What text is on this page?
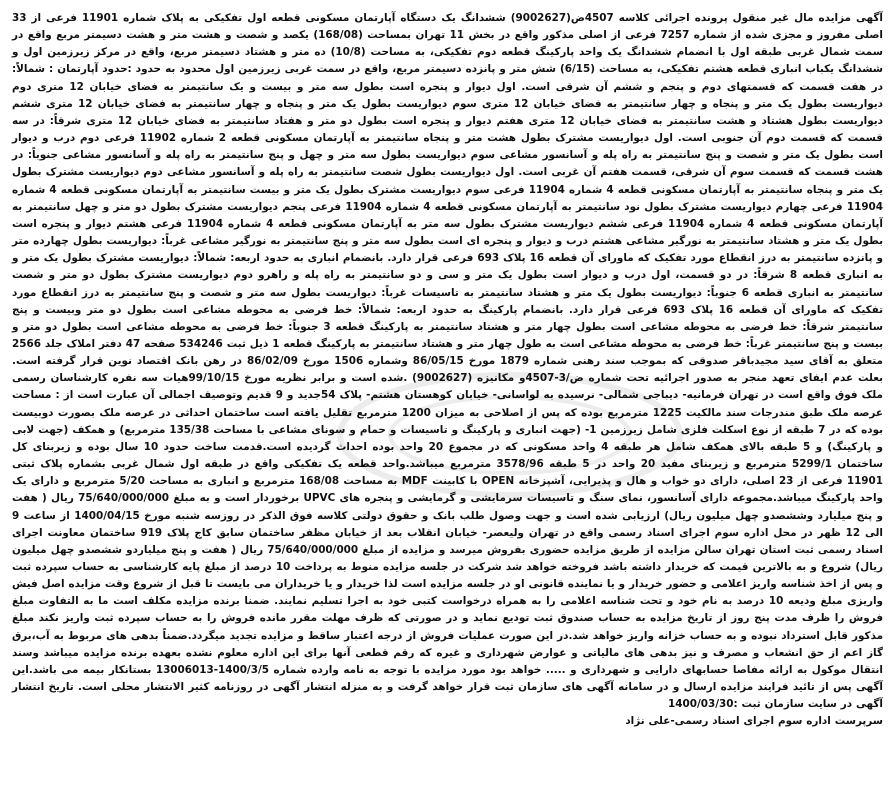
آگهی مزایده مال غیر منقول پرونده اجرائی کلاسه 4507ض(9002627) ششدانگ یک دستگاه آپارتمان مسکونی قطعه اول تفکیکی به پلاک شماره 11901 فرعی از 33 اصلی مفروز و مجزی شده از شماره 7257 فرعی از اصلی مذکور واقع در بخش 11 تهران بمساحت (168/08) یکصد و شصت و هشت متر و هشت دسیمتر مربع واقع در سمت شمال غربی طبقه اول با انضمام ششدانگ یک واحد پارکینگ قطعه دوم تفکیکی، به مساحت (10/8) ده متر و هشتاد دسیمتر مربع، واقع در مرکز زیرزمین اول و ششدانگ یکباب انباری قطعه هشتم تفکیکی، به مساحت (6/15) شش متر و پانزده دسیمتر مربع، واقع در سمت غربی زیرزمین اول محدود به حدود :حدود آپارتمان : شمالاً: در هفت قسمت که قسمتهای دوم و پنجم و ششم آن شرقی است. اول دیوار و پنجره است بطول سه متر و بیست و یک سانتیمتر به فضای خیابان 12 متری دوم دیواریست بطول یک متر و پنجاه و چهار سانتیمتر به فضای خیابان 12 متری سوم دیواریست بطول یک متر و پنجاه و چهار سانتیمتر به فضای خیابان 12 متری ششم دیواریست بطول هشتاد و هشت سانتیمتر به فضای خیابان 12 متری هفتم دیوار و پنجره است بطول دو متر و هفتاد سانتیمتر به فضای خیابان 12 متری شرقاً: در سه قسمت که قسمت دوم آن جنوبی است. اول دیواریست مشترک بطول هشت متر و پنجاه سانتیمتر به آپارتمان مسکونی قطعه 2 شماره 11902 فرعی دوم درب و دیوار است بطول یک متر و شصت و پنج سانتیمتر به راه پله و آسانسور مشاعی سوم دیواریست بطول سه متر و چهل و پنج سانتیمتر به راه پله و آسانسور مشاعی جنوباً: در هشت قسمت که قسمت سوم آن شرقی، قسمت هفتم آن غربی است. اول دیواریست بطول شصت سانتیمتر به راه پله و آسانسور مشاعی دوم دیواریست مشترک بطول یک متر و پنجاه سانتیمتر به آپارتمان مسکونی قطعه 4 شماره 11904 فرعی سوم دیواریست مشترک بطول یک متر و بیست سانتیمتر به آپارتمان مسکونی قطعه 4 شماره 11904 فرعی چهارم دیواریست مشترک بطول نود سانتیمتر به آپارتمان مسکونی قطعه 4 شماره 11904 فرعی پنجم دیواریست مشترک بطول دو متر و چهل سانتیمتر به آپارتمان مسکونی قطعه 4 شماره 11904 فرعی ششم دیواریست مشترک بطول سه متر به آپارتمان مسکونی قطعه 4 شماره 11904 فرعی هشتم دیوار و پنجره است بطول یک متر و هشتاد سانتیمتر به نورگیر مشاعی هشتم درب و دیوار و پنجره ای است بطول سه متر و پنج سانتیمتر به نورگیر مشاعی غرباً: دیواریست بطول چهارده متر و پانزده سانتیمتر به درز انقطاع مورد تفکیک که ماورای آن قطعه 16 پلاک 693 فرعی قرار دارد. بانضمام انباری به حدود اربعه: شمالاً: دیواریست مشترک بطول یک متر و به انباری قطعه 8 شرقاً: در دو قسمت، اول درب و دیوار است بطول یک متر و سی و دو سانتیمتر به راه پله و راهرو دوم دیواریست مشترک بطول دو متر و شصت سانتیمتر به انباری قطعه 6 جنوباً: دیواریست بطول یک متر و هشتاد سانتیمتر به تاسیسات غرباً: دیواریست بطول سه متر و شصت و پنج سانتیمتر به درز انقطاع مورد تفکیک که ماورای آن قطعه 16 پلاک 693 فرعی قرار دارد. بانضمام پارکینگ به حدود اربعه: شمالاً: خط فرضی به محوطه مشاعی است بطول دو متر وبیست و پنج سانتیمتر شرقاً: خط فرضی به محوطه مشاعی است بطول چهار متر و هشتاد سانتیمتر به پارکینگ قطعه 3 جنوباً: خط فرضی به محوطه مشاعی است بطول دو متر و بیست و پنج سانتیمتر غرباً: خط فرضی به محوطه مشاعی است به طول چهار متر و هشتاد سانتیمتر به پارکینگ قطعه 1 ذیل ثبت 534246 صفحه 47 دفتر املاک جلد 2566 متعلق به آقای سید مجیدباقر صدوقی که بموجب سند رهنی شماره 1879 مورخ 86/05/15 وشماره 1506 مورخ 86/02/09 در رهن بانک اقتصاد نوین قرار گرفته است. بعلت عدم ایفای تعهد منجر به صدور اجرائیه تحت شماره ض/3-4507و مکانیزه (9002627) .شده است و برابر نظریه مورخ 99/10/15هیات سه نفره کارشناسان رسمی ملک فوق واقع است در تهران فرمانیه- دیباجی شمالی- نرسیده به لواسانی- خیابان کوهستان هشتم- پلاک 54جدید و 9 قدیم وتوصیف اجمالی آن عبارت است از : مساحت عرصه ملک طبق مندرجات سند مالکیت 1225 مترمربع بوده که پس از اصلاحی به میزان 1200 مترمربع تقلیل یافته است ساختمان احداثی در عرصه ملک بصورت دوبیست بوده که در 7 طبقه از نوع اسکلت فلزی شامل زیرزمین 1- (جهت انباری و پارکینگ و تاسیسات و حمام و سونای مشاعی با مساحت 135/38 مترمربع) و همکف (جهت لابی و پارکینگ) و 5 طبقه بالای همکف شامل هر طبقه 4 واحد مسکونی که در مجموع 20 واحد بوده احداث گردیده است.قدمت ساخت حدود 10 سال بوده و زیربنای کل ساختمان 5299/1 مترمربع و زیربنای مفید 20 واحد در 5 طبقه 3578/96 مترمربع میباشد.واحد قطعه یک تفکیکی واقع در طبقه اول شمال غربی بشماره پلاک ثبتی 11901 فرعی از 23 اصلی، دارای دو خواب و هال و پذیرایی، آشپزخانه OPEN با کابینت MDF به مساحت 168/08 مترمربع و انباری به مساحت 5/20 مترمربع و دارای یک واحد پارکینگ میباشد.مجموعه دارای آسانسور، نمای سنگ و تاسیسات سرمایشی و گرمایشی و پنجره های UPVC برخوردار است و به مبلغ 75/640/000/000 ریال ( هفت و پنج میلیارد وششصدو چهل میلیون ریال) ارزیابی شده است و جهت وصول طلب بانک و حقوق دولتی کلاسه فوق الذکر در روزسه شنبه مورخ 1400/04/15 از ساعت 9 الی 12 ظهر در محل اداره سوم اجرای اسناد رسمی واقع در تهران ولیعصر- خیابان انقلاب بعد از خیابان مظفر ساختمان سابق کاج پلاک 919 ساختمان معاونت اجرای اسناد رسمی ثبت استان تهران سالن مزایده از طریق مزایده حضوری بفروش میرسد و مزایده از مبلغ 75/640/000/000 ریال ( هفت و پنج میلیاردو ششصدو چهل میلیون ریال) شروع و به بالاترین قیمت که خریدار داشته باشد فروخته خواهد شد شرکت در جلسه مزایده منوط به پرداخت 10 درصد از مبلغ پایه کارشناسی به حساب سپرده ثبت و پس از اخذ شناسه واریز اعلامی و حضور خریدار و یا نماینده قانونی او در جلسه مزایده است لذا خریدار و یا خریداران می بایست تا قبل از شروع وقت مزایده اصل فیش واریزی مبلغ ودیعه 10 درصد به نام خود و تحت شناسه اعلامی را به همراه درخواست کتبی خود به اجرا تسلیم نمایند. ضمنا برنده مزایده مکلف است ما به التفاوت مبلغ فروش را ظرف مدت پنج روز از تاریخ مزایده به حساب صندوق ثبت تودیع نماید و در صورتی که ظرف مهلت مقرر مانده فروش را به حساب سپرده ثبت واریز نکند مبلغ مذکور قابل استرداد نبوده و به حساب خزانه واریز خواهد شد.در این صورت عملیات فروش از درجه اعتبار ساقط و مزایده تجدید میگردد.ضمناً بدهی های مربوط به آب،برق گاز اعم از حق انشعاب و مصرف و نیز بدهی های مالیاتی و عوارض شهرداری و غیره که رقم قطعی آنها برای این اداره معلوم نشده بعهده برنده مزایده میباشد وسند انتقال موکول به ارائه مفاصا حسابهای دارایی و شهرداری و ..... خواهد بود مورد مزایده با توجه به نامه وارده شماره 1400/3/5-13006013 بستانکار بیمه می باشد.این آگهی پس از تائید فرایند مزایده ارسال و در سامانه آگهی های سازمان ثبت قرار خواهد گرفت و به منزله انتشار آگهی در روزنامه کثیر الانتشار محلی است. تاریخ انتشار آگهی در سایت سازمان ثبت :1400/03/30
سرپرست اداره سوم اجرای اسناد رسمی-علی نژاد
